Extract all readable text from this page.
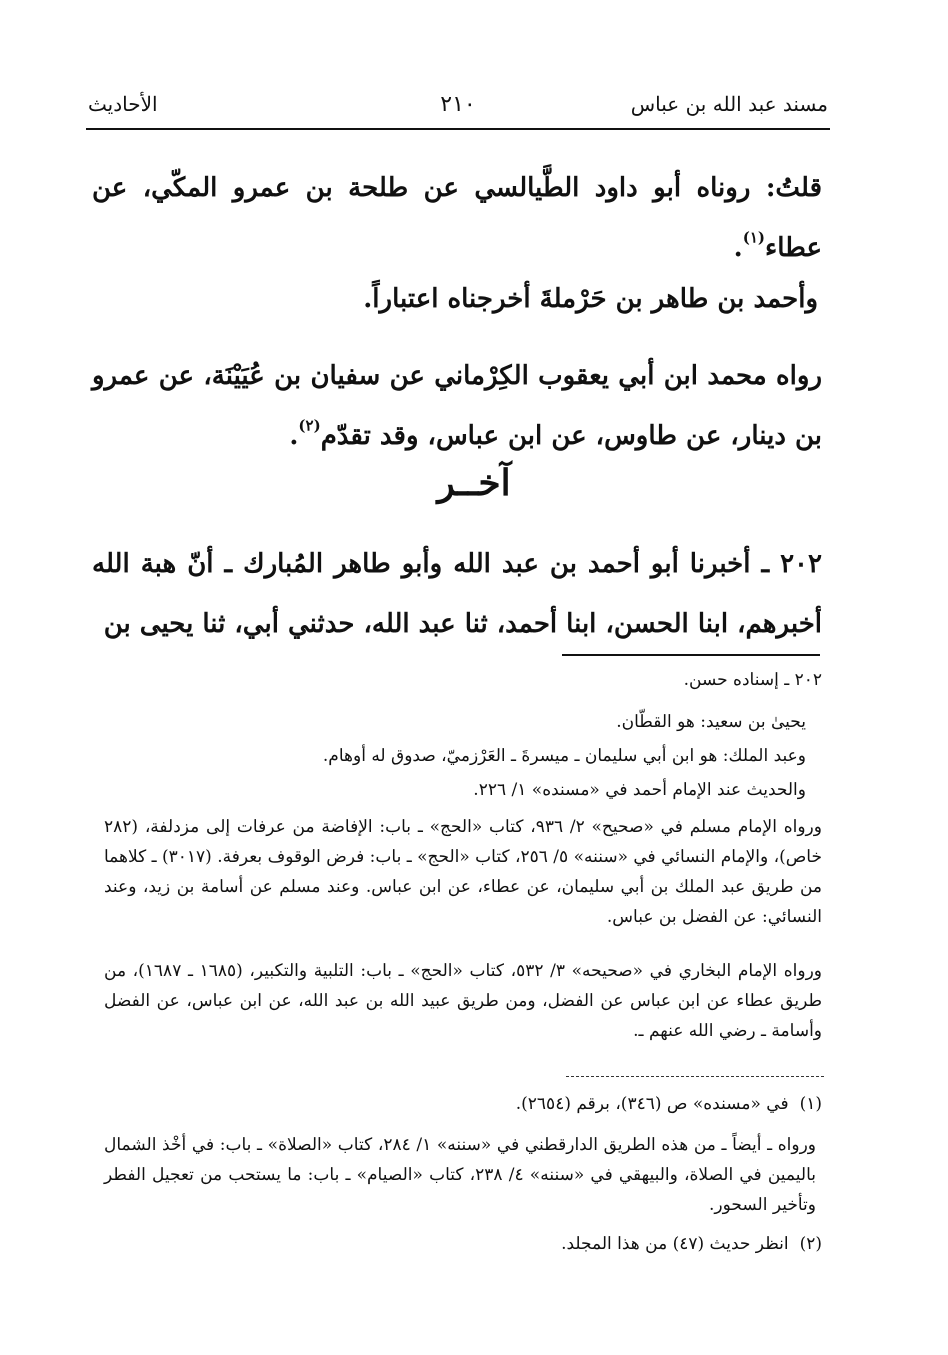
مسند عبد الله بن عباس
٢١٠
الأحاديث
قلتُ: روناه أبو داود الطَّيالسي عن طلحة بن عمرو المكّي، عن عطاء$^{(١)}$.
وأحمد بن طاهر بن حَرْملةَ أخرجناه اعتباراً.
رواه محمد ابن أبي يعقوب الكِرْماني عن سفيان بن عُيَيْنَة، عن عمرو بن دينار، عن طاوس، عن ابن عباس، وقد تقدّم$^{(٢)}$.
آخــر
٢٠٢ ـ أخبرنا أبو أحمد بن عبد الله وأبو طاهر المُبارك ـ أنّ هبة الله أخبرهم، ابنا الحسن، ابنا أحمد، ثنا عبد الله، حدثني أبي، ثنا يحيى بن
٢٠٢ ـ إسناده حسن.
يحيىٰ بن سعيد: هو القطّان.
وعبد الملك: هو ابن أبي سليمان ـ ميسرةَ ـ العَرْزميّ، صدوق له أوهام.
والحديث عند الإمام أحمد في «مسنده» ١/ ٢٢٦.
ورواه الإمام مسلم في «صحيح» ٢/ ٩٣٦، كتاب «الحج» ـ باب: الإفاضة من عرفات إلى مزدلفة، (٢٨٢ خاص)، والإمام النسائي في «سننه» ٥/ ٢٥٦، كتاب «الحج» ـ باب: فرض الوقوف بعرفة. (٣٠١٧) ـ كلاهما من طريق عبد الملك بن أبي سليمان، عن عطاء، عن ابن عباس. وعند مسلم عن أسامة بن زيد، وعند النسائي: عن الفضل بن عباس.
ورواه الإمام البخاري في «صحيحه» ٣/ ٥٣٢، كتاب «الحج» ـ باب: التلبية والتكبير، (١٦٨٥ ـ ١٦٨٧)، من طريق عطاء عن ابن عباس عن الفضل، ومن طريق عبيد الله بن عبد الله، عن ابن عباس، عن الفضل وأسامة ـ رضي الله عنهم ـ.
(١) في «مسنده» ص (٣٤٦)، برقم (٢٦٥٤).
ورواه ـ أيضاً ـ من هذه الطريق الدارقطني في «سننه» ١/ ٢٨٤، كتاب «الصلاة» ـ باب: في أخْذ الشمال باليمين في الصلاة، والبيهقي في «سننه» ٤/ ٢٣٨، كتاب «الصيام» ـ باب: ما يستحب من تعجيل الفطر وتأخير السحور.
(٢) انظر حديث (٤٧) من هذا المجلد.
